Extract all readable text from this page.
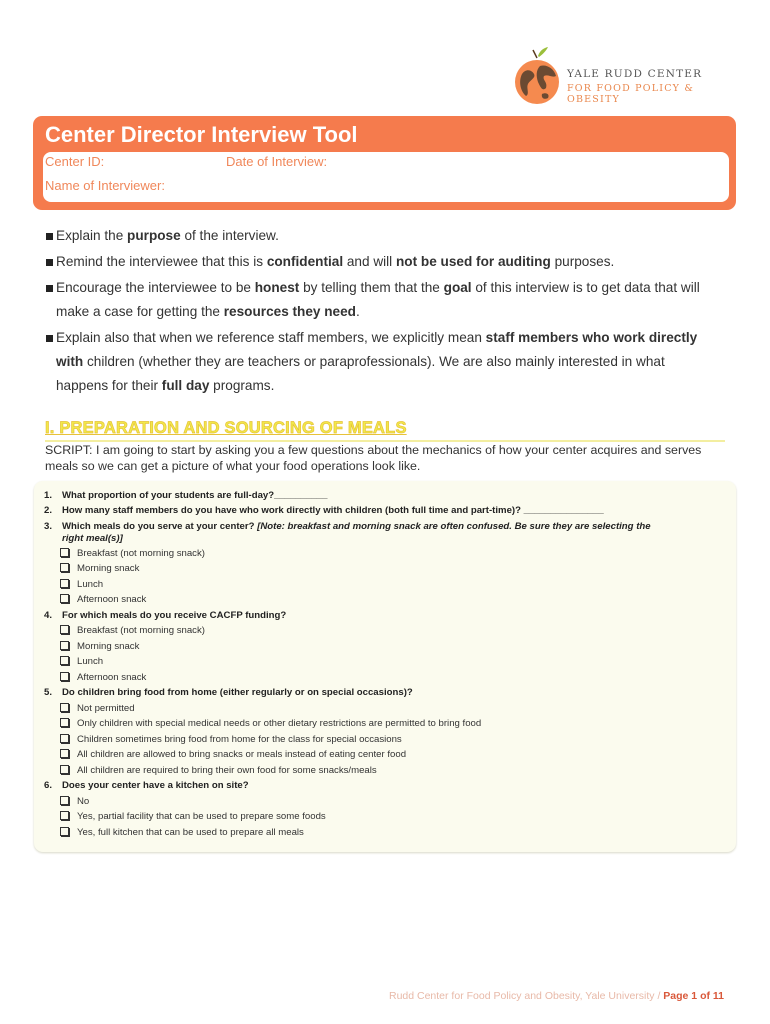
YALE RUDD CENTER
FOR FOOD POLICY & OBESITY
Center Director Interview Tool
Center ID:	Date of Interview:
Name of Interviewer:
Explain the purpose of the interview.
Remind the interviewee that this is confidential and will not be used for auditing purposes.
Encourage the interviewee to be honest by telling them that the goal of this interview is to get data that will
make a case for getting the resources they need.
Explain also that when we reference staff members, we explicitly mean staff members who work directly
with children (whether they are teachers or paraprofessionals). We are also mainly interested in what
happens for their full day programs.
I. PREPARATION AND SOURCING OF MEALS
SCRIPT: I am going to start by asking you a few questions about the mechanics of how your center acquires and serves meals so we can get a picture of what your food operations look like.
1. What proportion of your students are full-day?__________
2. How many staff members do you have who work directly with children (both full time and part-time)? _______________
3. Which meals do you serve at your center? [Note: breakfast and morning snack are often confused. Be sure they are selecting the
right meal(s)]
Breakfast (not morning snack)
Morning snack
Lunch
Afternoon snack
4. For which meals do you receive CACFP funding?
Breakfast (not morning snack)
Morning snack
Lunch
Afternoon snack
5. Do children bring food from home (either regularly or on special occasions)?
Not permitted
Only children with special medical needs or other dietary restrictions are permitted to bring food
Children sometimes bring food from home for the class for special occasions
All children are allowed to bring snacks or meals instead of eating center food
All children are required to bring their own food for some snacks/meals
6. Does your center have a kitchen on site?
No
Yes, partial facility that can be used to prepare some foods
Yes, full kitchen that can be used to prepare all meals
Rudd Center for Food Policy and Obesity, Yale University / Page 1 of 11
